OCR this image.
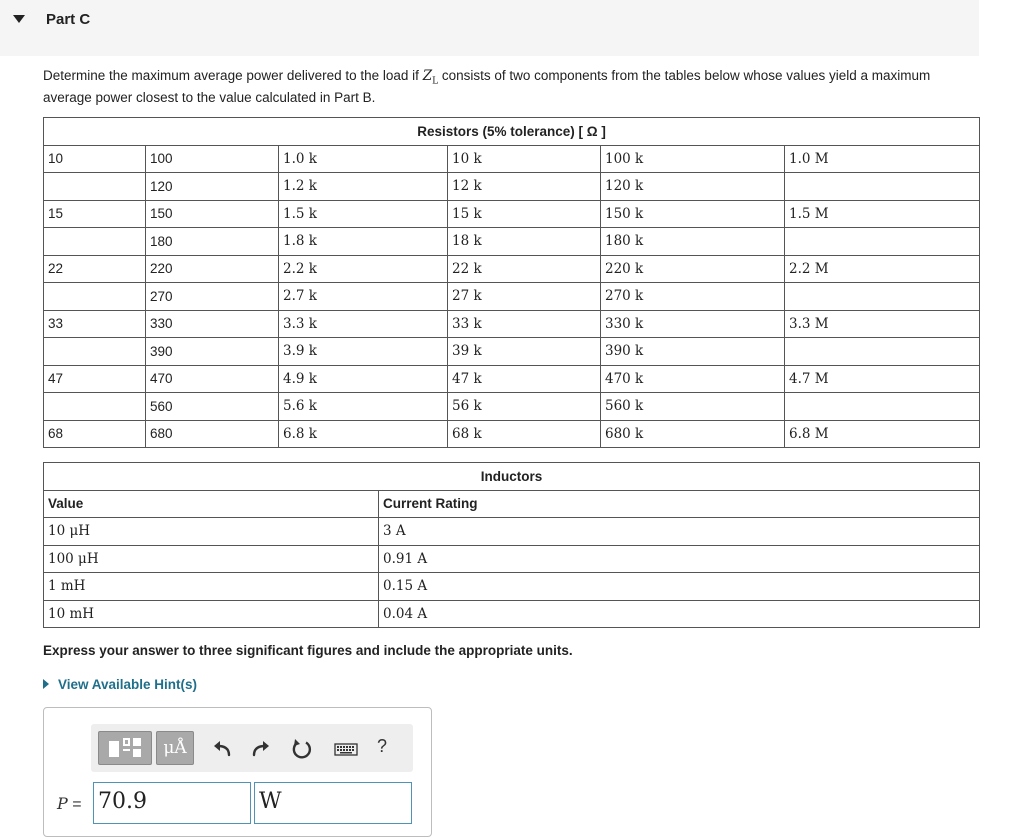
Part C
Determine the maximum average power delivered to the load if $Z_L$ consists of two components from the tables below whose values yield a maximum average power closest to the value calculated in Part B.
Resistors (5% tolerance) [ Ω ]					
10	100	1.0 k	10 k	100 k	1.0 M
	120	1.2 k	12 k	120 k	
15	150	1.5 k	15 k	150 k	1.5 M
	180	1.8 k	18 k	180 k	
22	220	2.2 k	22 k	220 k	2.2 M
	270	2.7 k	27 k	270 k	
33	330	3.3 k	33 k	330 k	3.3 M
	390	3.9 k	39 k	390 k	
47	470	4.9 k	47 k	470 k	4.7 M
	560	5.6 k	56 k	560 k	
68	680	6.8 k	68 k	680 k	6.8 M
Inductors	
Value	Current Rating
10 μH	3 A
100 μH	0.91 A
1 mH	0.15 A
10 mH	0.04 A
Express your answer to three significant figures and include the appropriate units.
View Available Hint(s)
μÅ	?
P = 70.9	W
